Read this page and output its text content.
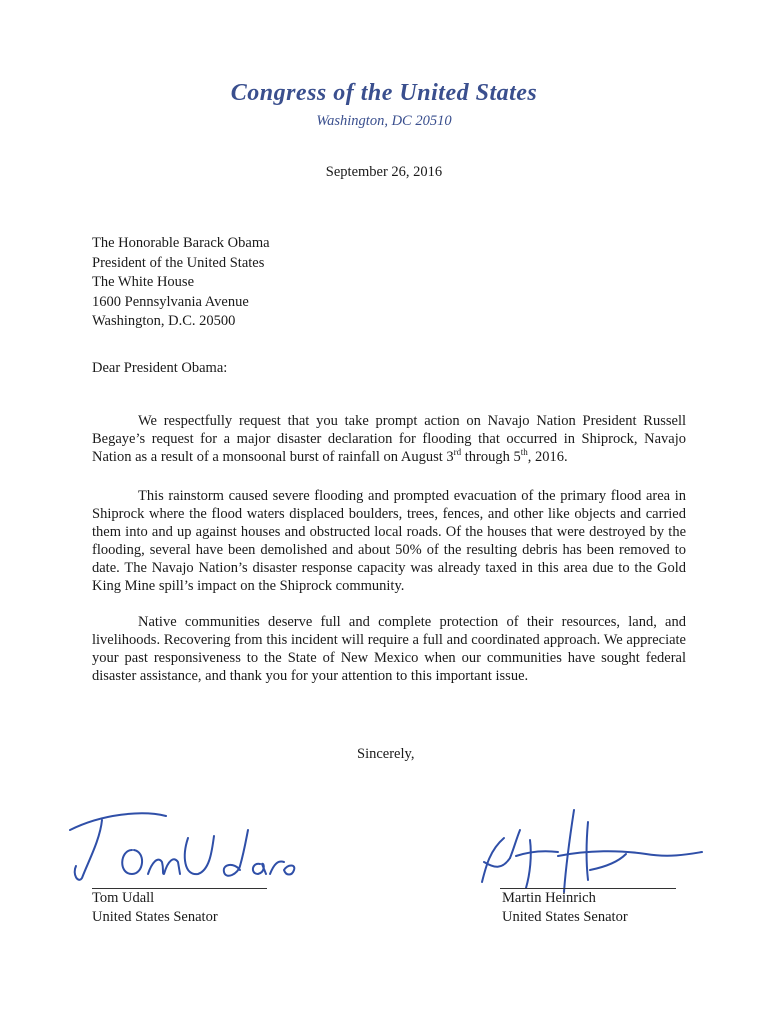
Congress of the United States
Washington, DC 20510
September 26, 2016
The Honorable Barack Obama
President of the United States
The White House
1600 Pennsylvania Avenue
Washington, D.C. 20500
Dear President Obama:

We respectfully request that you take prompt action on Navajo Nation President Russell Begaye’s request for a major disaster declaration for flooding that occurred in Shiprock, Navajo Nation as a result of a monsoonal burst of rainfall on August 3rd through 5th, 2016.

This rainstorm caused severe flooding and prompted evacuation of the primary flood area in Shiprock where the flood waters displaced boulders, trees, fences, and other like objects and carried them into and up against houses and obstructed local roads. Of the houses that were destroyed by the flooding, several have been demolished and about 50% of the resulting debris has been removed to date. The Navajo Nation’s disaster response capacity was already taxed in this area due to the Gold King Mine spill’s impact on the Shiprock community.

Native communities deserve full and complete protection of their resources, land, and livelihoods. Recovering from this incident will require a full and coordinated approach. We appreciate your past responsiveness to the State of New Mexico when our communities have sought federal disaster assistance, and thank you for your attention to this important issue.

Sincerely,
Tom Udall
United States Senator
Martin Heinrich
United States Senator
